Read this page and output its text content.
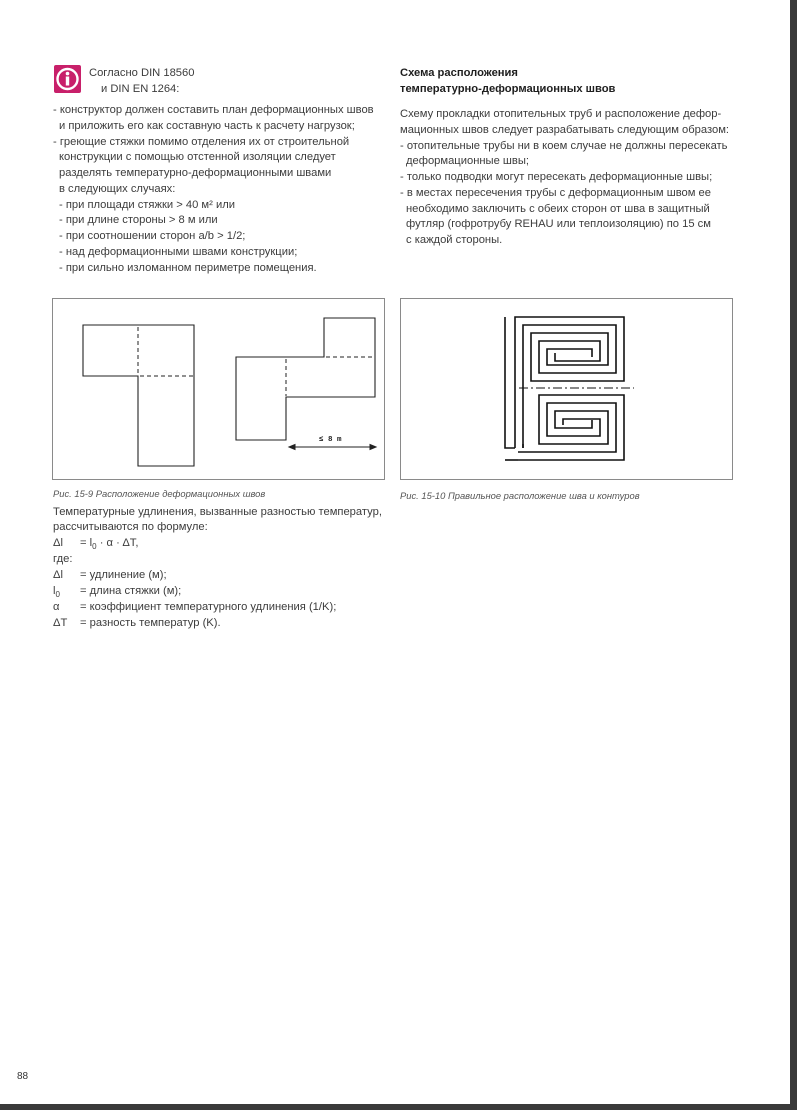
Согласно DIN 18560

и DIN EN 1264:

- конструктор должен составить план деформационных швов

и приложить его как составную часть к расчету нагрузок;

- греющие стяжки помимо отделения их от строительной

конструкции с помощью отстенной изоляции следует

разделять температурно-деформационными швами

в следующих случаях:

- при площади стяжки > 40 м² или

- при длине стороны > 8 м или

- при соотношении сторон a/b > 1/2;

- над деформационными швами конструкции;

- при сильно изломанном периметре помещения.

Схема расположения

температурно-деформационных швов

Схему прокладки отопительных труб и расположение дефор-

мационных швов следует разрабатывать следующим образом:

- отопительные трубы ни в коем случае не должны пересекать

деформационные швы;

- только подводки могут пересекать деформационные швы;

- в местах пересечения трубы с деформационным швом ее

необходимо заключить с обеих сторон от шва в защитный

футляр (гофротрубу REHAU или теплоизоляцию) по 15 см

с каждой стороны.

≤ 8 m

Рис. 15-9 Расположение деформационных швов	Рис. 15-10 Правильное расположение шва и контуров

Температурные удлинения, вызванные разностью температур,

рассчитываются по формуле:

$\Delta l = l_0 \cdot \alpha \cdot \Delta T$,

где:

Δl = удлинение (м);
$l_0$ = длина стяжки (м);
α = коэффициент температурного удлинения (1/K);
ΔT = разность температур (K).
88
